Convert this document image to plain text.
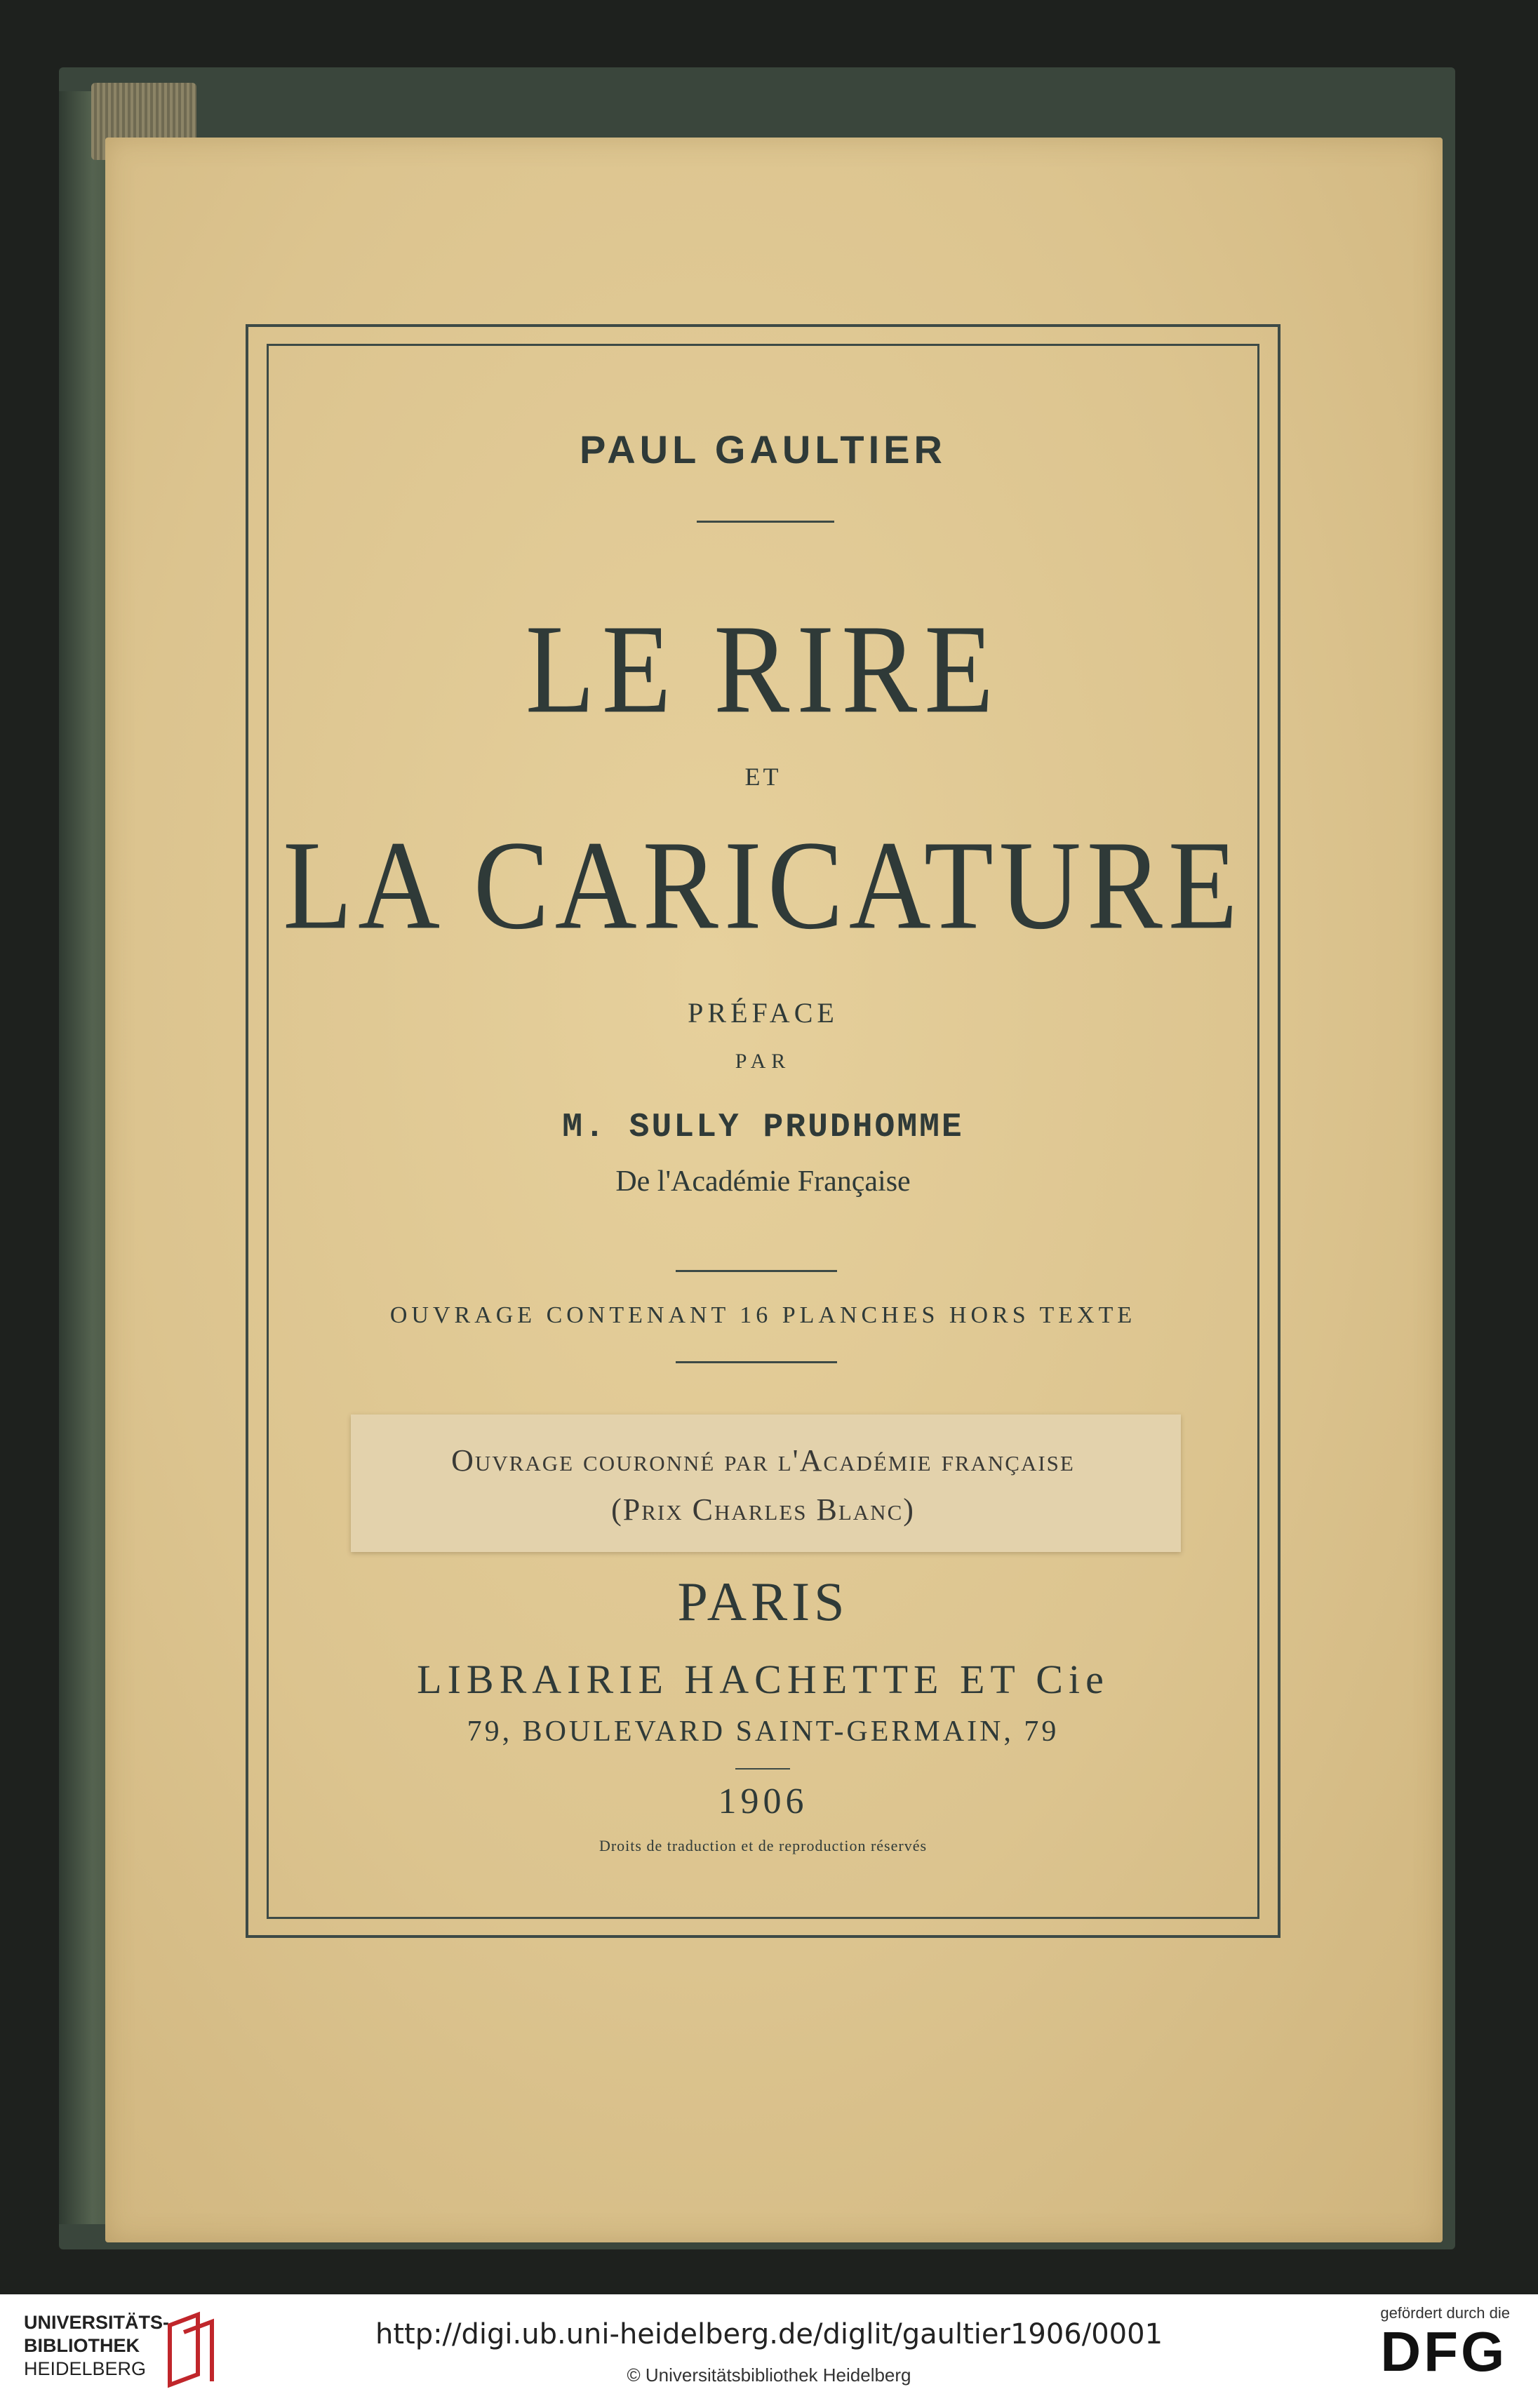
PAUL GAULTIER

LE RIRE

ET

LA CARICATURE

PRÉFACE

PAR

M. SULLY PRUDHOMME

De l'Académie Française

OUVRAGE CONTENANT 16 PLANCHES HORS TEXTE

Ouvrage couronné par l'Académie française

(Prix Charles Blanc)

PARIS

LIBRAIRIE HACHETTE ET Cie

79, BOULEVARD SAINT-GERMAIN, 79

1906

Droits de traduction et de reproduction réservés

UNIVERSITÄTS-
BIBLIOTHEK
HEIDELBERG
http://digi.ub.uni-heidelberg.de/diglit/gaultier1906/0001
© Universitätsbibliothek Heidelberg
gefördert durch die
DFG
